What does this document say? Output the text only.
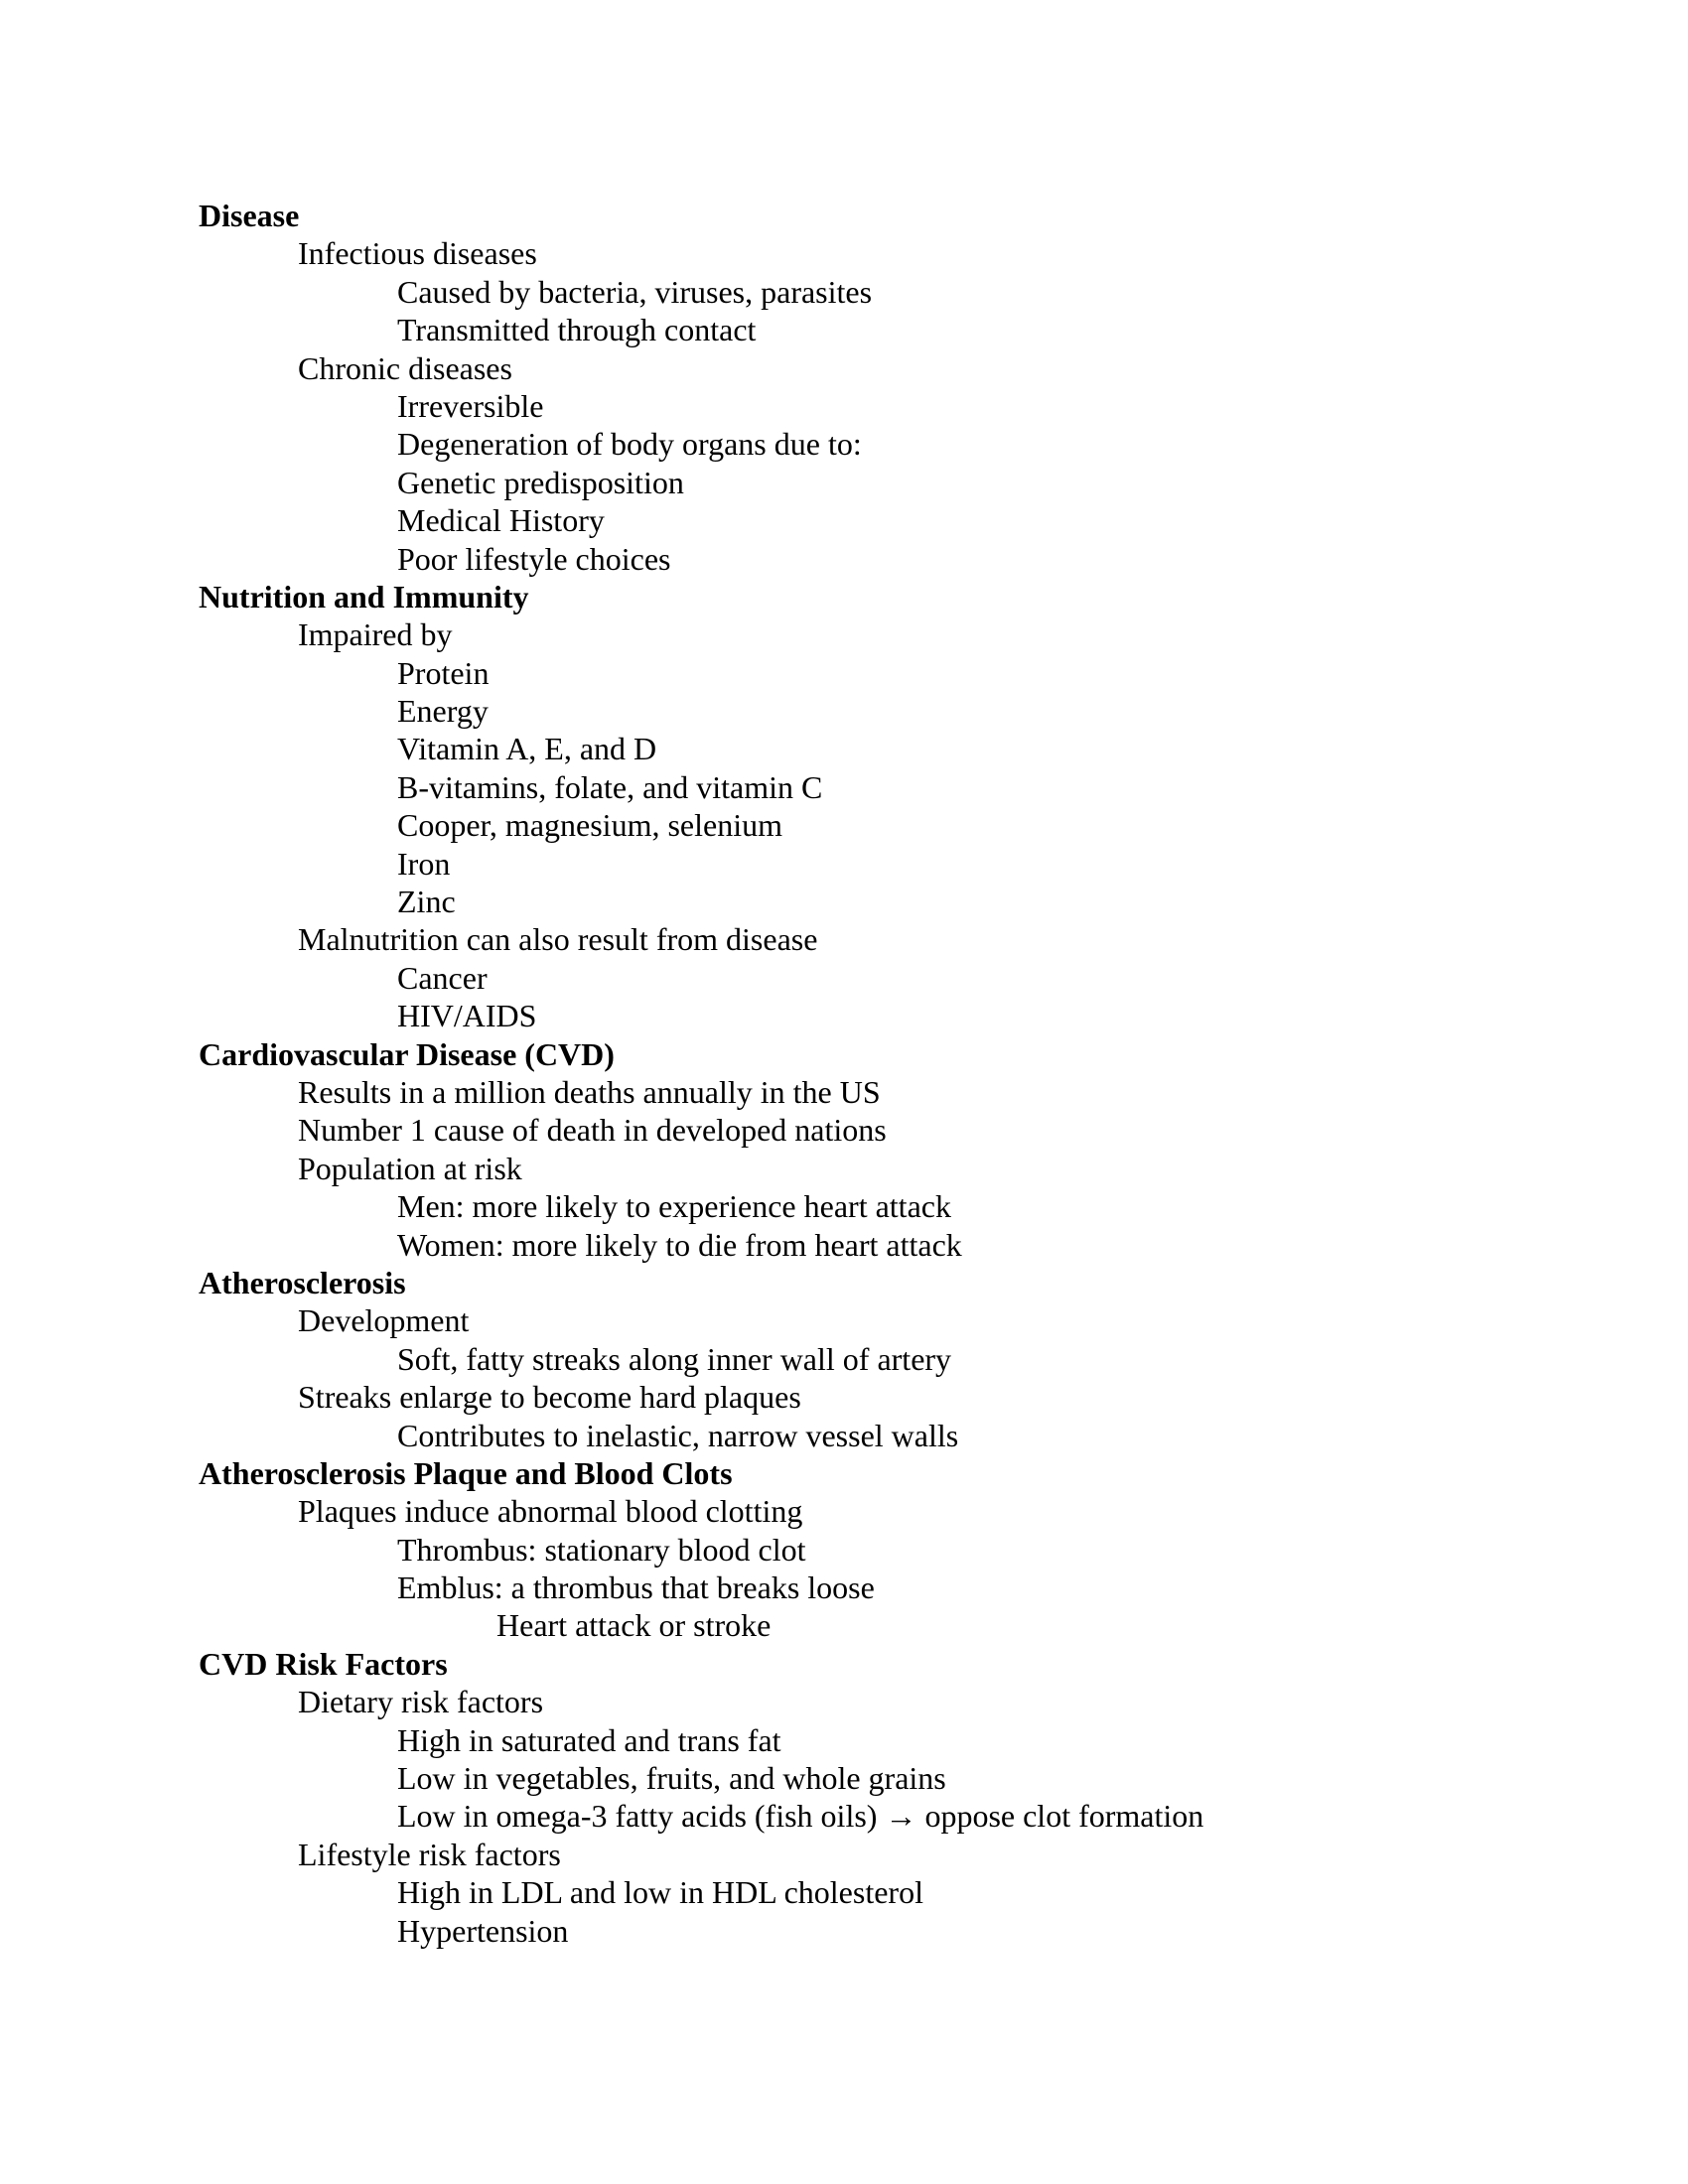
Disease
Infectious diseases
Caused by bacteria, viruses, parasites
Transmitted through contact
Chronic diseases
Irreversible
Degeneration of body organs due to:
Genetic predisposition
Medical History
Poor lifestyle choices
Nutrition and Immunity
Impaired by
Protein
Energy
Vitamin A, E, and D
B-vitamins, folate, and vitamin C
Cooper, magnesium, selenium
Iron
Zinc
Malnutrition can also result from disease
Cancer
HIV/AIDS
Cardiovascular Disease (CVD)
Results in a million deaths annually in the US
Number 1 cause of death in developed nations
Population at risk
Men: more likely to experience heart attack
Women: more likely to die from heart attack
Atherosclerosis
Development
Soft, fatty streaks along inner wall of artery
Streaks enlarge to become hard plaques
Contributes to inelastic, narrow vessel walls
Atherosclerosis Plaque and Blood Clots
Plaques induce abnormal blood clotting
Thrombus: stationary blood clot
Emblus: a thrombus that breaks loose
Heart attack or stroke
CVD Risk Factors
Dietary risk factors
High in saturated and trans fat
Low in vegetables, fruits, and whole grains
Low in omega-3 fatty acids (fish oils) → oppose clot formation
Lifestyle risk factors
High in LDL and low in HDL cholesterol
Hypertension
